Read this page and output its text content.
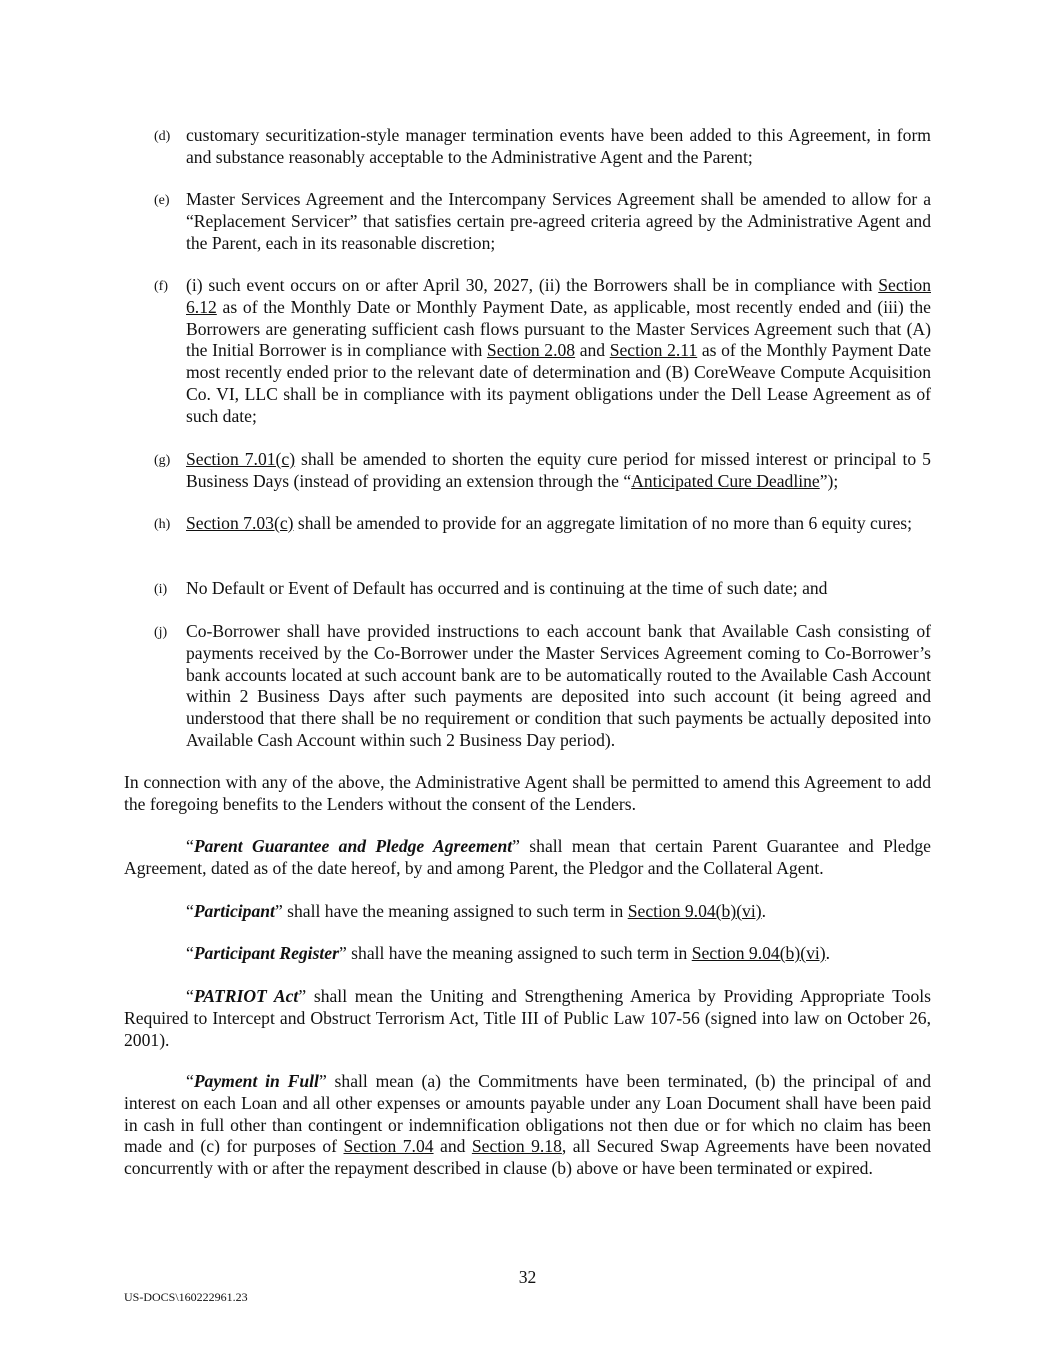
(d) customary securitization-style manager termination events have been added to this Agreement, in form and substance reasonably acceptable to the Administrative Agent and the Parent;
(e) Master Services Agreement and the Intercompany Services Agreement shall be amended to allow for a “Replacement Servicer” that satisfies certain pre-agreed criteria agreed by the Administrative Agent and the Parent, each in its reasonable discretion;
(f) (i) such event occurs on or after April 30, 2027, (ii) the Borrowers shall be in compliance with Section 6.12 as of the Monthly Date or Monthly Payment Date, as applicable, most recently ended and (iii) the Borrowers are generating sufficient cash flows pursuant to the Master Services Agreement such that (A) the Initial Borrower is in compliance with Section 2.08 and Section 2.11 as of the Monthly Payment Date most recently ended prior to the relevant date of determination and (B) CoreWeave Compute Acquisition Co. VI, LLC shall be in compliance with its payment obligations under the Dell Lease Agreement as of such date;
(g) Section 7.01(c) shall be amended to shorten the equity cure period for missed interest or principal to 5 Business Days (instead of providing an extension through the “Anticipated Cure Deadline”);
(h) Section 7.03(c) shall be amended to provide for an aggregate limitation of no more than 6 equity cures;
(i) No Default or Event of Default has occurred and is continuing at the time of such date; and
(j) Co-Borrower shall have provided instructions to each account bank that Available Cash consisting of payments received by the Co-Borrower under the Master Services Agreement coming to Co-Borrower’s bank accounts located at such account bank are to be automatically routed to the Available Cash Account within 2 Business Days after such payments are deposited into such account (it being agreed and understood that there shall be no requirement or condition that such payments be actually deposited into Available Cash Account within such 2 Business Day period).
In connection with any of the above, the Administrative Agent shall be permitted to amend this Agreement to add the foregoing benefits to the Lenders without the consent of the Lenders.
“Parent Guarantee and Pledge Agreement” shall mean that certain Parent Guarantee and Pledge Agreement, dated as of the date hereof, by and among Parent, the Pledgor and the Collateral Agent.
“Participant” shall have the meaning assigned to such term in Section 9.04(b)(vi).
“Participant Register” shall have the meaning assigned to such term in Section 9.04(b)(vi).
“PATRIOT Act” shall mean the Uniting and Strengthening America by Providing Appropriate Tools Required to Intercept and Obstruct Terrorism Act, Title III of Public Law 107-56 (signed into law on October 26, 2001).
“Payment in Full” shall mean (a) the Commitments have been terminated, (b) the principal of and interest on each Loan and all other expenses or amounts payable under any Loan Document shall have been paid in cash in full other than contingent or indemnification obligations not then due or for which no claim has been made and (c) for purposes of Section 7.04 and Section 9.18, all Secured Swap Agreements have been novated concurrently with or after the repayment described in clause (b) above or have been terminated or expired.
32
US-DOCS\160222961.23
